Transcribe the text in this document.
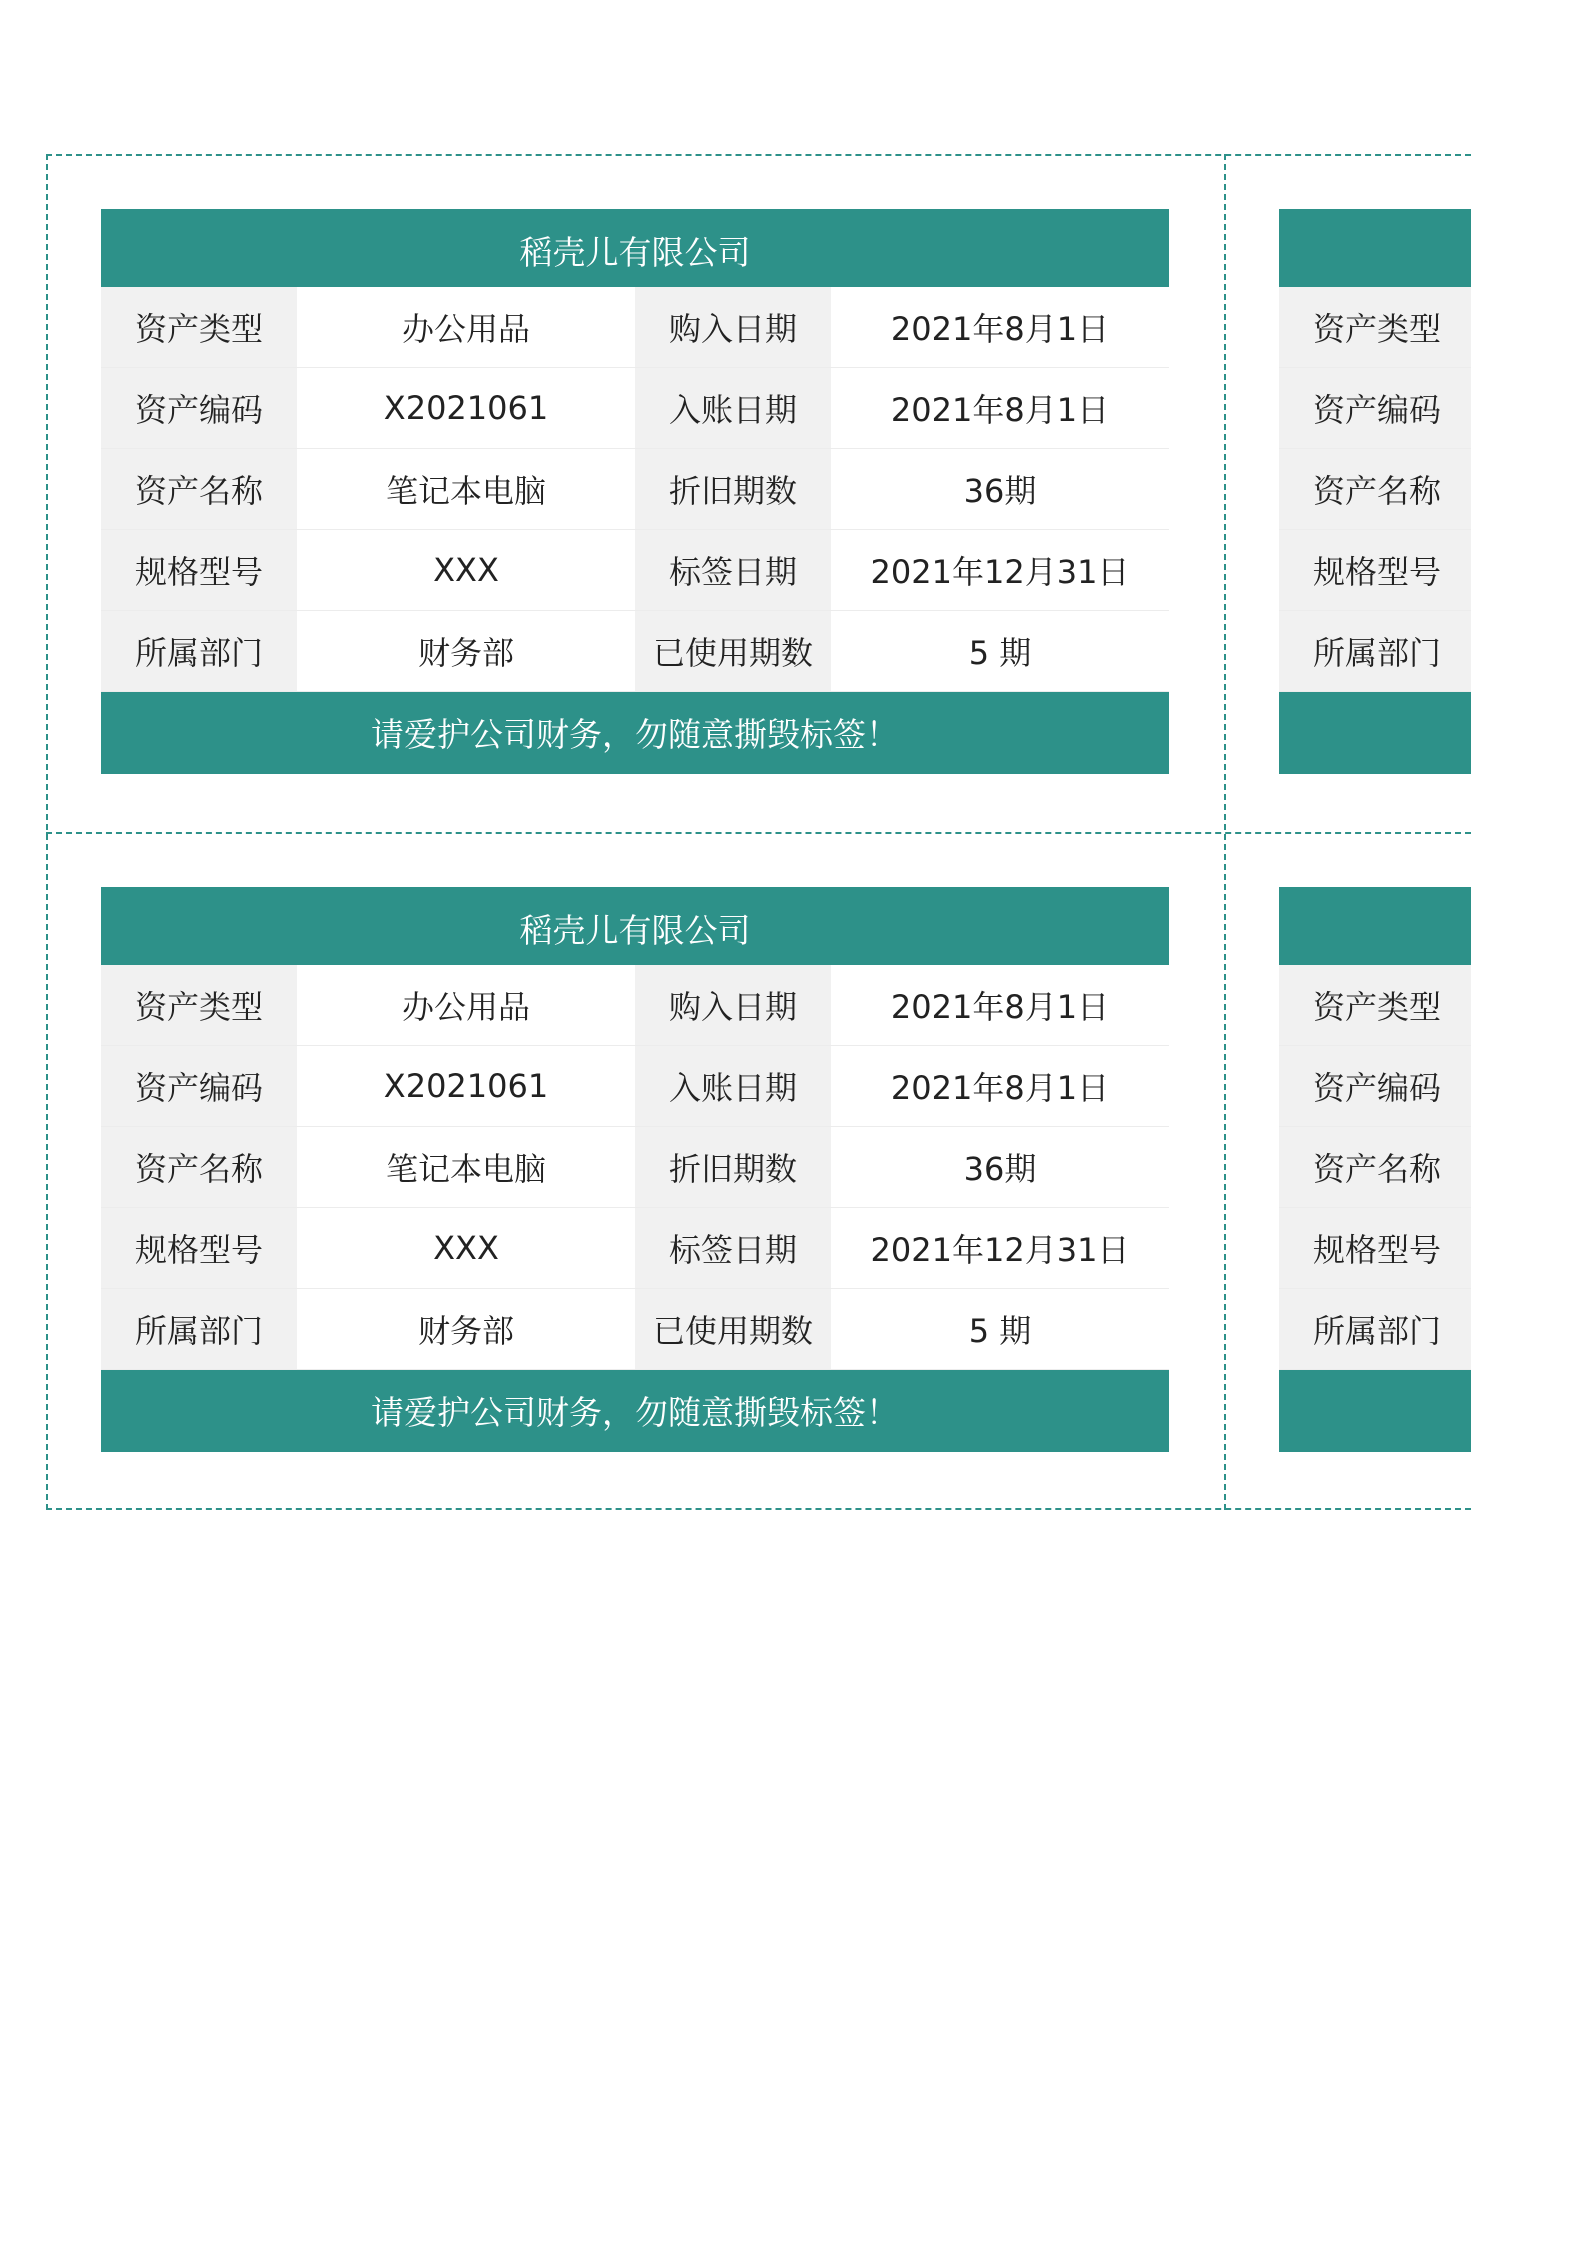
稻壳儿有限公司
资产类型	办公用品	购入日期	2021年8月1日
资产编码	X2021061	入账日期	2021年8月1日
资产名称	笔记本电脑	折旧期数	36期
规格型号	XXX	标签日期	2021年12月31日
所属部门	财务部	已使用期数	5 期
请爱护公司财务，勿随意撕毁标签！
稻壳儿有限公司
资产类型	办公用品	购入日期	2021年8月1日
资产编码	X2021061	入账日期	2021年8月1日
资产名称	笔记本电脑	折旧期数	36期
规格型号	XXX	标签日期	2021年12月31日
所属部门	财务部	已使用期数	5 期
请爱护公司财务，勿随意撕毁标签！
资产类型
资产编码
资产名称
规格型号
所属部门
资产类型
资产编码
资产名称
规格型号
所属部门
